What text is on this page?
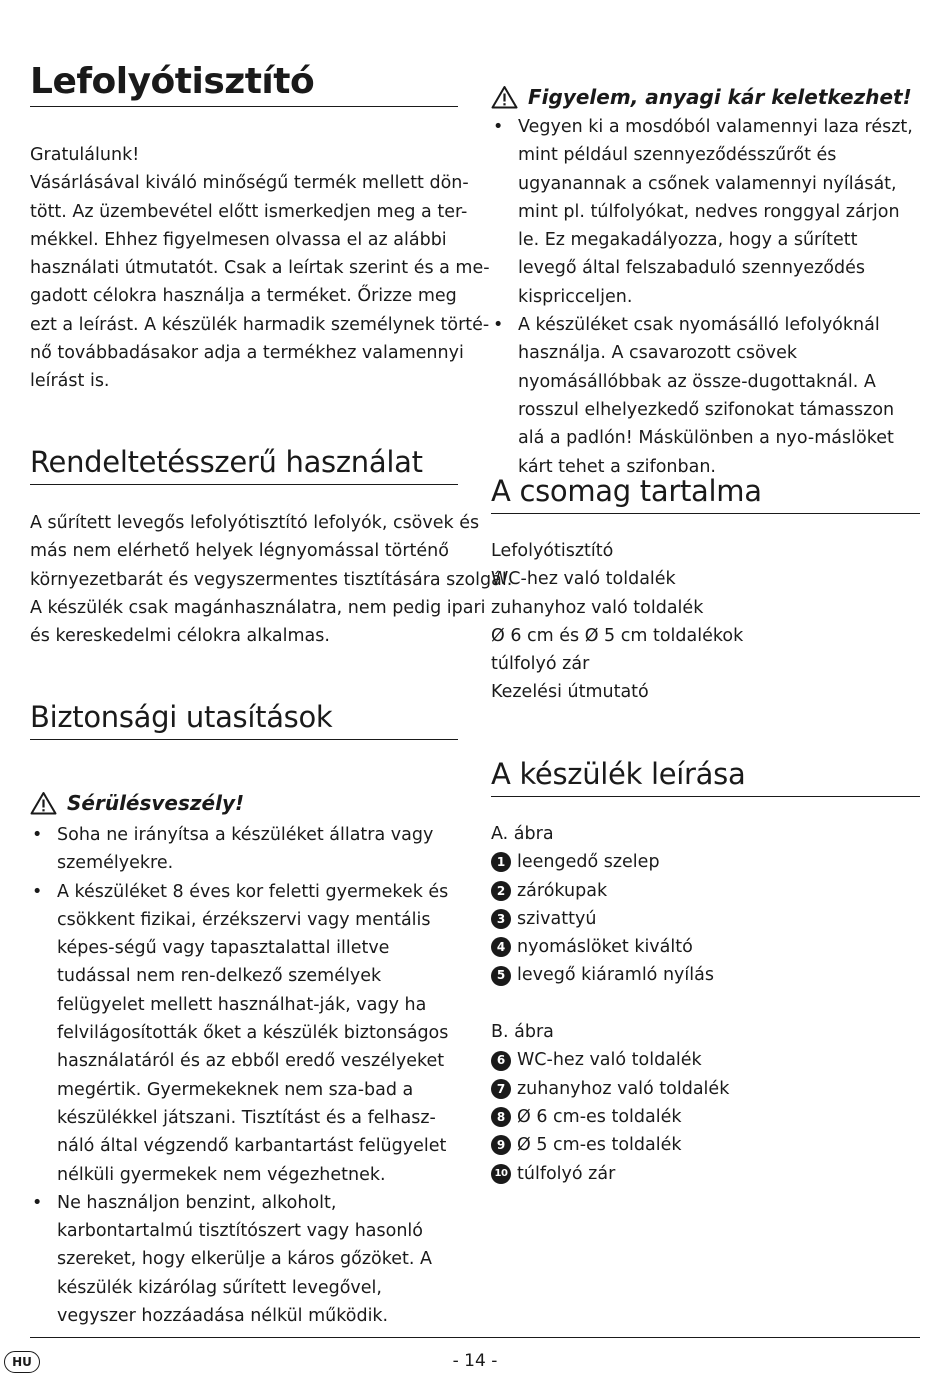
Lefolyótisztító
Gratulálunk!
Vásárlásával kiváló minőségű termék mellett dön-
tött. Az üzembevétel előtt ismerkedjen meg a ter-
mékkel. Ehhez figyelmesen olvassa el az alábbi
használati útmutatót. Csak a leírtak szerint és a me-
gadott célokra használja a terméket. Őrizze meg
ezt a leírást. A készülék harmadik személynek törté-
nő továbbadásakor adja a termékhez valamennyi
leírást is.
Rendeltetésszerű használat
A sűrített levegős lefolyótisztító lefolyók, csövek és
más nem elérhető helyek légnyomással történő
környezetbarát és vegyszermentes tisztítására szolgál.
A készülék csak magánhasználatra, nem pedig ipari
és kereskedelmi célokra alkalmas.
Biztonsági utasítások
Sérülésveszély!
• Soha ne irányítsa a készüléket állatra vagy személyekre.
• A készüléket 8 éves kor feletti gyermekek és csökkent fizikai, érzékszervi vagy mentális képes-ségű vagy tapasztalattal illetve tudással nem ren-delkező személyek felügyelet mellett használhat-ják, vagy ha felvilágosították őket a készülék biztonságos használatáról és az ebből eredő veszélyeket megértik. Gyermekeknek nem sza-bad a készülékkel játszani. Tisztítást és a felhasz-náló által végzendő karbantartást felügyelet nélküli gyermekek nem végezhetnek.
• Ne használjon benzint, alkoholt, karbontartalmú tisztítószert vagy hasonló szereket, hogy elkerülje a káros gőzöket. A készülék kizárólag sűrített levegővel, vegyszer hozzáadása nélkül működik.
Figyelem, anyagi kár keletkezhet!
• Vegyen ki a mosdóból valamennyi laza részt, mint például szennyeződésszűrőt és ugyanannak a csőnek valamennyi nyílását, mint pl. túlfolyókat, nedves ronggyal zárjon le. Ez megakadályozza, hogy a sűrített levegő által felszabaduló szennyeződés kispricceljen.
• A készüléket csak nyomásálló lefolyóknál használja. A csavarozott csövek nyomásállóbbak az össze-dugottaknál. A rosszul elhelyezkedő szifonokat támasszon alá a padlón! Máskülönben a nyo-máslöket kárt tehet a szifonban.
A csomag tartalma
Lefolyótisztító
WC-hez való toldalék
zuhanyhoz való toldalék
Ø 6 cm és Ø 5 cm toldalékok
túlfolyó zár
Kezelési útmutató
A készülék leírása
A. ábra
1 leengedő szelep
2 zárókupak
3 szivattyú
4 nyomáslöket kiváltó
5 levegő kiáramló nyílás
B. ábra
6 WC-hez való toldalék
7 zuhanyhoz való toldalék
8 Ø 6 cm-es toldalék
9 Ø 5 cm-es toldalék
10 túlfolyó zár
HU	- 14 -
